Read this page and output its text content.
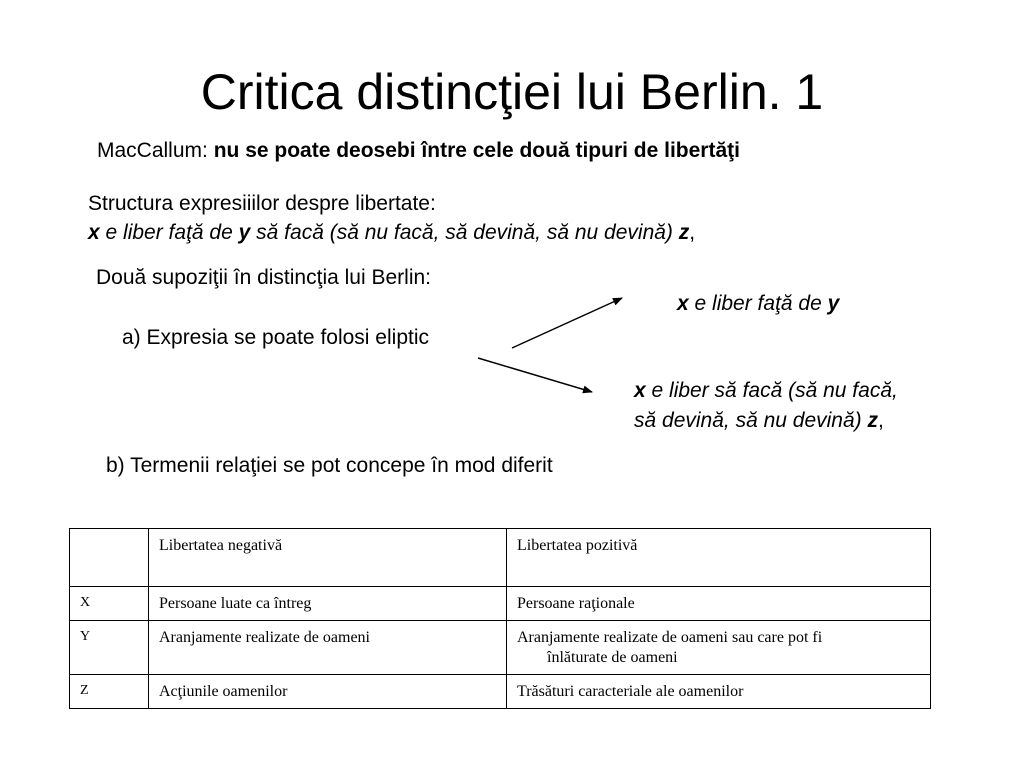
Critica distincţiei lui Berlin. 1
MacCallum: nu se poate deosebi între cele două tipuri de libertăţi
Structura expresiiilor despre libertate:
x e liber faţă de y să facă (să nu facă, să devină, să nu devină) z,
Două supoziţii în distincţia lui Berlin:
a) Expresia se poate folosi eliptic
x e liber faţă de y
x e liber să facă (să nu facă,
să devină, să nu devină) z,
b) Termenii relaţiei se pot concepe în mod diferit
	Libertatea negativă	Libertatea pozitivă
X	Persoane luate ca întreg	Persoane raţionale
Y	Aranjamente realizate de oameni	Aranjamente realizate de oameni sau care pot fi
înlăturate de oameni

Z	Acţiunile oamenilor	Trăsături caracteriale ale oamenilor
